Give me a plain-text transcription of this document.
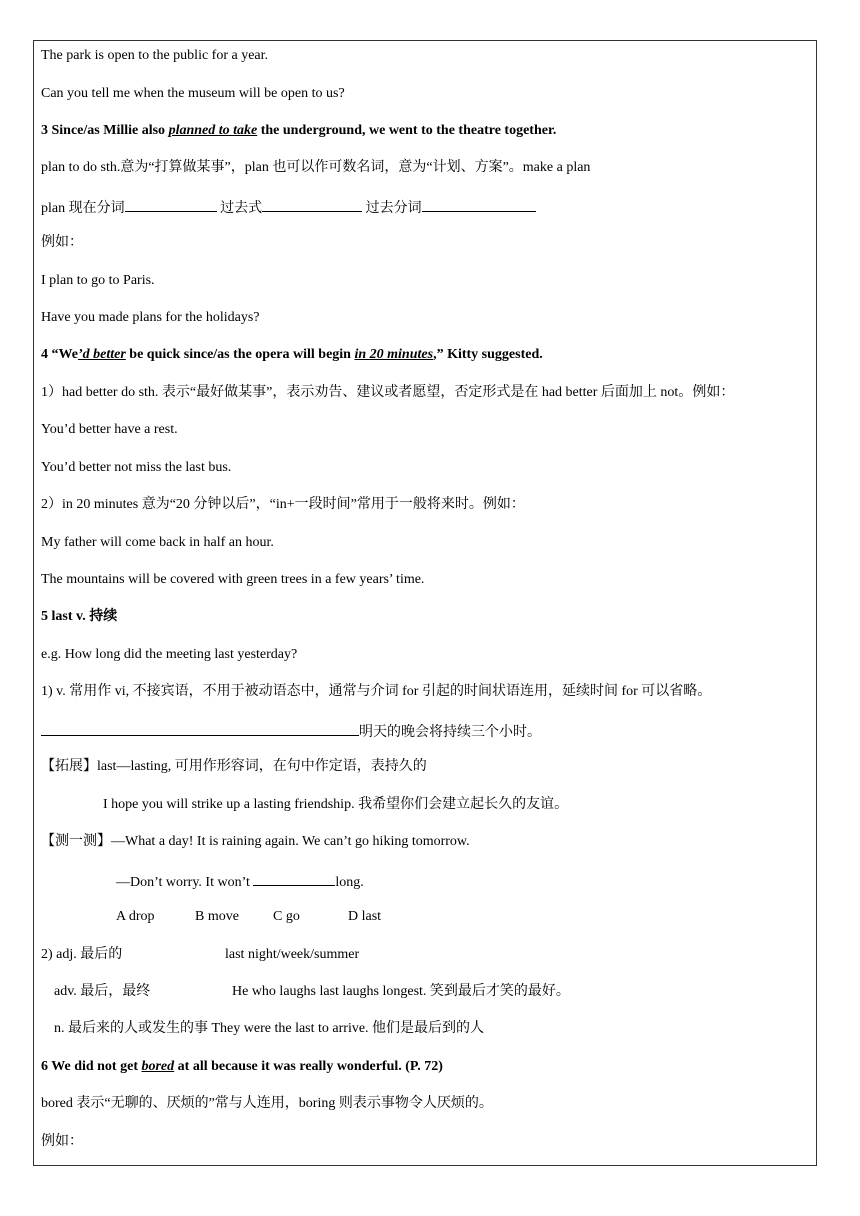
The park is open to the public for a year.
Can you tell me when the museum will be open to us?
3 Since/as Millie also planned to take the underground, we went to the theatre together.
plan to do sth.意为“打算做某事”，plan 也可以作可数名词，意为“计划、方案”。make a plan
plan 现在分词	过去式	过去分词
例如：
I plan to go to Paris.
Have you made plans for the holidays?
4 “We’d better be quick since/as the opera will begin in 20 minutes,” Kitty suggested.
1）had better do sth. 表示“最好做某事”，表示劝告、建议或者愿望，否定形式是在 had better 后面加上 not。例如：
You’d better have a rest.
You’d better not miss the last bus.
2）in 20 minutes 意为“20 分钟以后”，“in+一段时间”常用于一般将来时。例如：
My father will come back in half an hour.
The mountains will be covered with green trees in a few years’ time.
5 last v. 持续
e.g. How long did the meeting last yesterday?
1) v. 常用作 vi, 不接宾语，不用于被动语态中，通常与介词 for 引起的时间状语连用，延续时间 for 可以省略。
明天的晚会将持续三个小时。
【拓展】last—lasting, 可用作形容词，在句中作定语，表持久的
I hope you will strike up a lasting friendship. 我希望你们会建立起长久的友谊。
【测一测】—What a day! It is raining again. We can’t go hiking tomorrow.
—Don’t worry. It won’t	long.
A drop	B move C go	D last
2) adj. 最后的	last night/week/summer
adv. 最后，最终	He who laughs last laughs longest. 笑到最后才笑的最好。
n. 最后来的人或发生的事 They were the last to arrive. 他们是最后到的人
6 We did not get bored at all because it was really wonderful. (P. 72)
bored 表示“无聊的、厌烦的”常与人连用，boring 则表示事物令人厌烦的。
例如：
